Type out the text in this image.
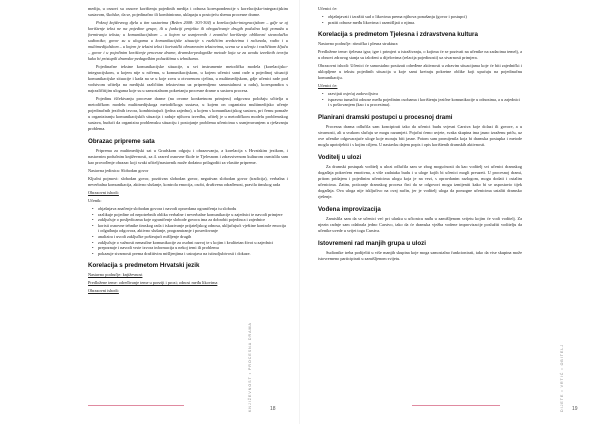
medija, u osnovi su osnove korištenja pojedinih medija i odnosa korespondencije s korelacijsko-integracijskim sustavom, školske, da se, pojedinačno ili kombinirano, uklapaju u postojeću shemu procesne drame.

Pokraj književnog djela u tim sustavima (Bežen 2008: 303-304) u korelacijsko-integracijskom – gdje se aj korištenje tekst ne na pojedine grupe, ili u funkciji projekta ili obogaćivanje drugih podučna koji pomažu u formiranju teksta; u komunikacijskom – u kojem se usmjerenih i zvanični korištenje oblikovni stvaralačko sudionika; govor su u ulogama u komunikacijske situacije s različitim sredstvima i računala, radio i u multimedijalskom – u kojem je tekstni tekst i korisnički obrazovnim tekstovima, scena se u učenju i različitom ključu – govor i u pojedinim korištenje procesne drame, dramsko-pedagoške metode koja se za uvodu izveštnih teorija kako bi pristupili dramsko-pedagoškim polazištima s tehnikama.

Pojedinačne tekstne komunikacijske situacije, u svi instrumente metodička modela (korelacijsko-integracijskom, u kojem nije u ničemu, u komunikacijskom, u kojem učenici sami rade u pojedinoj situaciji komunikacijske situacije i kada na se u koje zovu u otvorenom cjelinu, u multimedijskom, gdje učenici rade pod vodstvom učitelja na medijski različitim tekstovima uz pripremljeno samostalnost u radu), korespondira s najrazličitijim ulogama koje su u samostalnom pokretanju procesne drame u sustavu procesa.

Pojedinu iščekivanju procesne drame (na ovome konkretnom primjeru) odgovara položaju učitelja u metodičkom modelu multimedijskoga metodičkoga sustava, u kojem on organizira multimedijsko učenje pojedinačnih jezičnih izvora, kombinirajući (jedna zajedno), u kojem s komunikacijskog sustava, pri čemu pomaže u organiziranju komunikacijskih situacija i raduje njihovu izvedbu, učitelj je u metodičkom modelu problemskog sustava, budući da organizira problemsku situaciju i postojanje problema učenicima s usmjeravanjem u rješavanju problema.

Obrazac pripreme sata

Priprema za multimedijski sat u Gradskom odgoju i obrazovanju, a korelacija s Hrvatskim jezikom, i nastavnim podučnim književnosti, za 4. razred osnovne škole te Tjelesnom i zdravstvenom kulturom osmislila sam kao provođenje obrazac koji svaki učitelj/nastavnik može dodatno prilagoditi za vlastite pripreme.

Nastavna jedinica: Slobodan govor

Ključni pojmovi: slobodan govor, pozitivan slobodan govor, negativan slobodan govor (tradicija), verbalna i neverbalna komunikacija, aktivno slušanje, kontrola emocija, osobi, društvena odrađenost, pravila timskog rada

Obrazovni ishodi:

Učenik:

• objašnjava značenje slobodan govora i navodi opravdana ograničenja tu slobodu
• razlikuje pojedine od nepotrebnih oblika verbalne i neverbalne komunikacije u zajednici te navodi primjere
• zaključuje o posljedicama koje ograničenje slobode govora ima za dobrobit pojedinca i zajednice
• koristi osnovne tehnike timskog rada i iskazivanje prijateljskog odnosa, uključujući vještine kontrole emocija i odgađanja odgovora, aktivno slušanje, programiranje i posredovanje
• analizira i uvodi zaključke pošteujući mišljenje drugih
• zaključuje o važnosti nenasilne komunikacije za osobni razvoj te s kojim i kvalitetan život u zajednici
• prepoznaje i navodi vrste izvora informacija u nekoj temi ili problemu
• pokazuje stvarnosti prema dražitivim mišljenjima i ustrajava na istinoljubivosti i dokaze.
Korelacija s predmetom Hrvatski jezik

Nastavno područje: književnost

Predložene teme: određivanje teme u poeziji i prozi; odnosi među likovima

Obrazovni ishodi:

Učenici će:

• objašnjavati i izražiti sud o likovima prema njihova ponašanju (govor i postupci)
• pratiti odnose među likovima i razmišljati o njima.
Korelacija s predmetom Tjelesna i zdravstvena kultura

Nastavno područje: ritmička i plesna struktura

Predložene teme: tjelesna igra; igre i primjeri u istraživanju, o kojima će se pozivati na učenike na zadacima temelj, a u obnovi zdravog stanja su izloženi u dijelovima (relacija pojedinosti) uz stvarnosti primjera.

Obrazovni ishodi: Učenici će samostalno postizati određene aktivnosti u zdravim situacijama koje će biti zajednički i uklopljene u tekstu pojedinih situacija u koje sami kreiraju pokretne oblike koji upućuju na pojedinačnu komunikaciju.

Učenici će:

• razvijati osjećaj zadovoljstva
• ispravno tumačiti odnose među pojedinim osobama i korištenju jezične komunikacije u odnosima, a u zajednici i s poštovanjem (kao i u procesima).
Planirani dramski postupci u procesnoj drami

Procesna drama odlučila sam koncipirati tako da učenici budu svjesni Carstva koje dolazi ili govore, a u stvarnosti, ali u svakom slučaju se mogu razumjeti. Pojačat ćemo uvjete, svaka skupina ima jasno izraženu priču, uz ove učenike odgovarajuće uloge koje moraju biti jasne. Potom sam promijenila koja bi dramska postupka i metode mogla upotrijebiti i s kojim ciljem. U nastavku dajem popis i opis korištenih dramskih aktivnosti.

Voditelj u ulozi

Za dramski postupak voditelj u ulozi odlučila sam se zbog mogućnosti da kao voditelj svi učenici dramskog događaja pokrećem emotivna, a više zadataka budu i u uloge kojih bi učenici mogli preuzeti. U procesnoj drami, pritom pridajem i pojedinim učenicima ulogu koja je na vezi, s opravdanim razlogom, mogu dodati i ostalim učenicima. Zatim, poticanje dramskog procesa čini da se odgovori mogu izmijeniti kako bi se uspostavio tijek događaja. Ova uloga nije isključivo na ovaj način, jer je voditelj uloga da pomogne učenicima ustaliti dramsko rješenje.

Vođena improvizacija

Zamislila sam da se učenici već pri ulasku u učionicu nađu u zamišljenom svijetu kojim će vodi voditelj. Za njezin radnje sam odabrala jedno Carstvo, tako da će dramska vježba vodene improvizacije poslužiti voditelju da učenike uvede u svijet toga Carstva.

Istovremeni rad manjih grupa u ulozi

Sudionike treba podijeliti u više manjih skupina koje moga samostalno funkcionirati, tako da vise skupina može istovremeno participirati u zamišljenom svijetu.

KNJIŽEVNOST • PROCESNA DRAMA	DIJETE • VRTIĆ • OBITELJ
18	19
